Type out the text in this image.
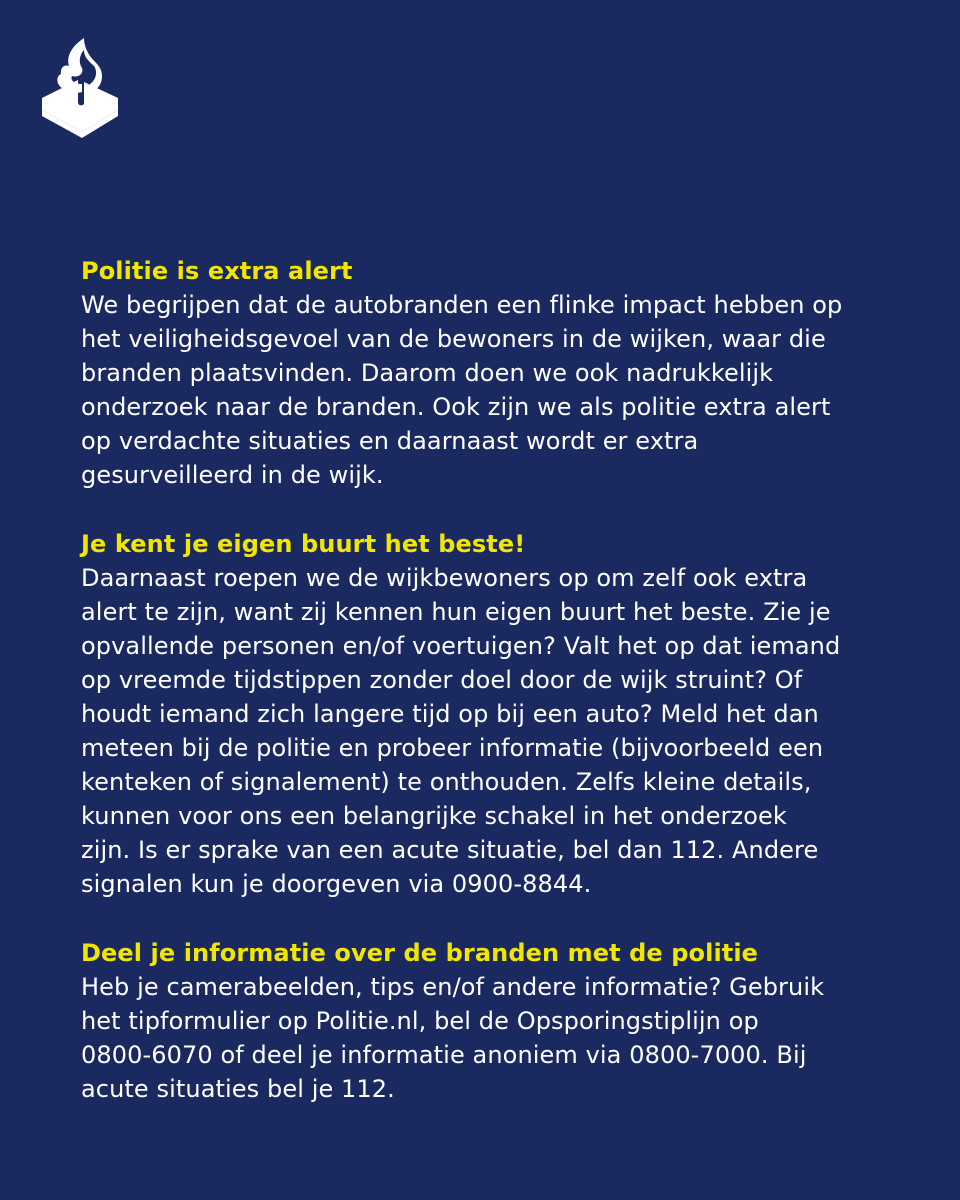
Politie is extra alert
We begrijpen dat de autobranden een flinke impact hebben op
het veiligheidsgevoel van de bewoners in de wijken, waar die
branden plaatsvinden. Daarom doen we ook nadrukkelijk
onderzoek naar de branden. Ook zijn we als politie extra alert
op verdachte situaties en daarnaast wordt er extra
gesurveilleerd in de wijk.
Je kent je eigen buurt het beste!
Daarnaast roepen we de wijkbewoners op om zelf ook extra
alert te zijn, want zij kennen hun eigen buurt het beste. Zie je
opvallende personen en/of voertuigen? Valt het op dat iemand
op vreemde tijdstippen zonder doel door de wijk struint? Of
houdt iemand zich langere tijd op bij een auto? Meld het dan
meteen bij de politie en probeer informatie (bijvoorbeeld een
kenteken of signalement) te onthouden. Zelfs kleine details,
kunnen voor ons een belangrijke schakel in het onderzoek
zijn. Is er sprake van een acute situatie, bel dan 112. Andere
signalen kun je doorgeven via 0900-8844.
Deel je informatie over de branden met de politie
Heb je camerabeelden, tips en/of andere informatie? Gebruik
het tipformulier op Politie.nl, bel de Opsporingstiplijn op
0800-6070 of deel je informatie anoniem via 0800-7000. Bij
acute situaties bel je 112.
